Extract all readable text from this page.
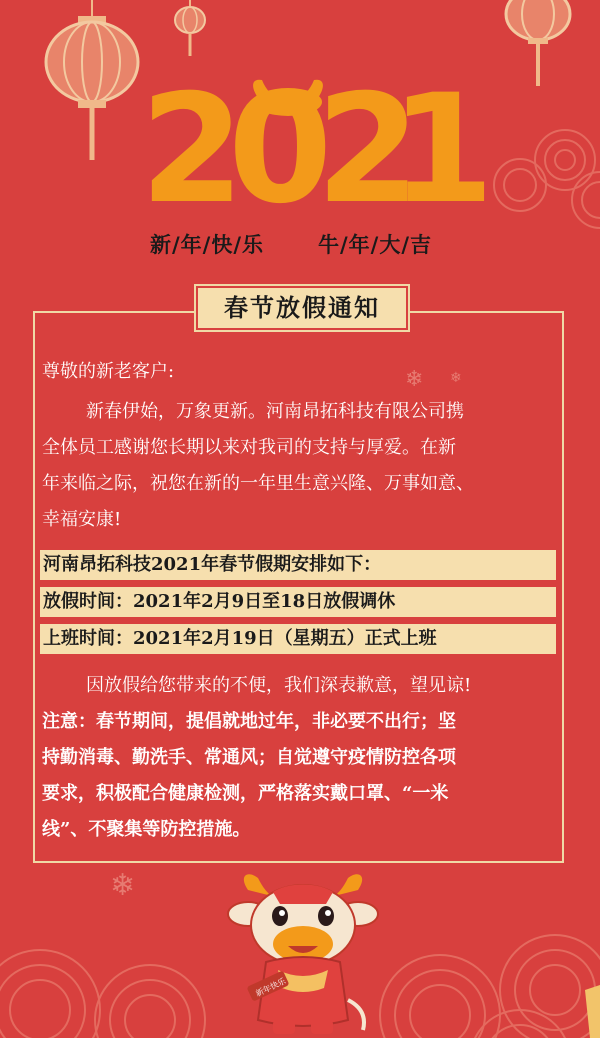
❄ ❄
❄
2
0
2
1
新/年/快/乐	牛/年/大/吉
春节放假通知

尊敬的新老客户:

新春伊始，万象更新。河南昂拓科技有限公司携

全体员工感谢您长期以来对我司的支持与厚爱。在新

年来临之际，祝您在新的一年里生意兴隆、万事如意、

幸福安康!

河南昂拓科技2021年春节假期安排如下：
放假时间：2021年2月9日至18日放假调休
上班时间：2021年2月19日（星期五）正式上班

因放假给您带来的不便，我们深表歉意，望见谅!

注意：春节期间，提倡就地过年，非必要不出行；坚
持勤消毒、勤洗手、常通风；自觉遵守疫情防控各项
要求，积极配合健康检测，严格落实戴口罩、“一米
线”、不聚集等防控措施。

新年快乐
